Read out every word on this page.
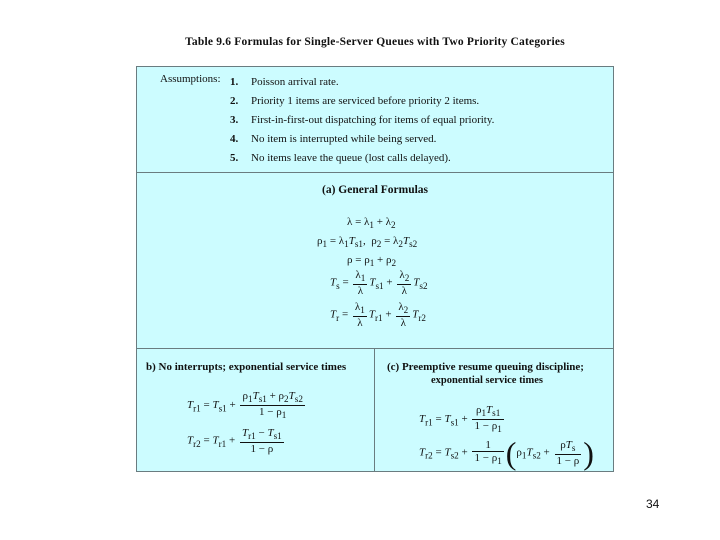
Table 9.6 Formulas for Single-Server Queues with Two Priority Categories
Assumptions: 1.	Poisson arrival rate.
2.	Priority 1 items are serviced before priority 2 items.
3.	First-in-first-out dispatching for items of equal priority.
4.	No item is interrupted while being served.
5.	No items leave the queue (lost calls delayed).
(a) General Formulas
$\lambda = \lambda_1 + \lambda_2$
$\rho_1 = \lambda_1T_{s1}$,  $\rho_2 = \lambda_2T_{s2}$
$\rho = \rho_1 + \rho_2$
$T_s = \frac{\lambda_1}{\lambda} T_{s1} + \frac{\lambda_2}{\lambda} T_{s2}$
$T_r = \frac{\lambda_1}{\lambda} T_{r1} + \frac{\lambda_2}{\lambda} T_{r2}$
b) No interrupts; exponential service times
$T_{r1} = T_{s1} + \frac{\rho_1T_{s1} + \rho_2T_{s2}}{1 - \rho_1}$
$T_{r2} = T_{r1} + \frac{T_{r1} - T_{s1}}{1 - \rho}$
(c) Preemptive resume queuing discipline;
exponential service times
$T_{r1} = T_{s1} + \frac{\rho_1T_{s1}}{1 - \rho_1}$
$T_{r2} = T_{s2} + \frac{1}{1 - \rho_1} (\rho_1T_{s2} + \frac{\rho T_s}{1 - \rho}$ )
34
